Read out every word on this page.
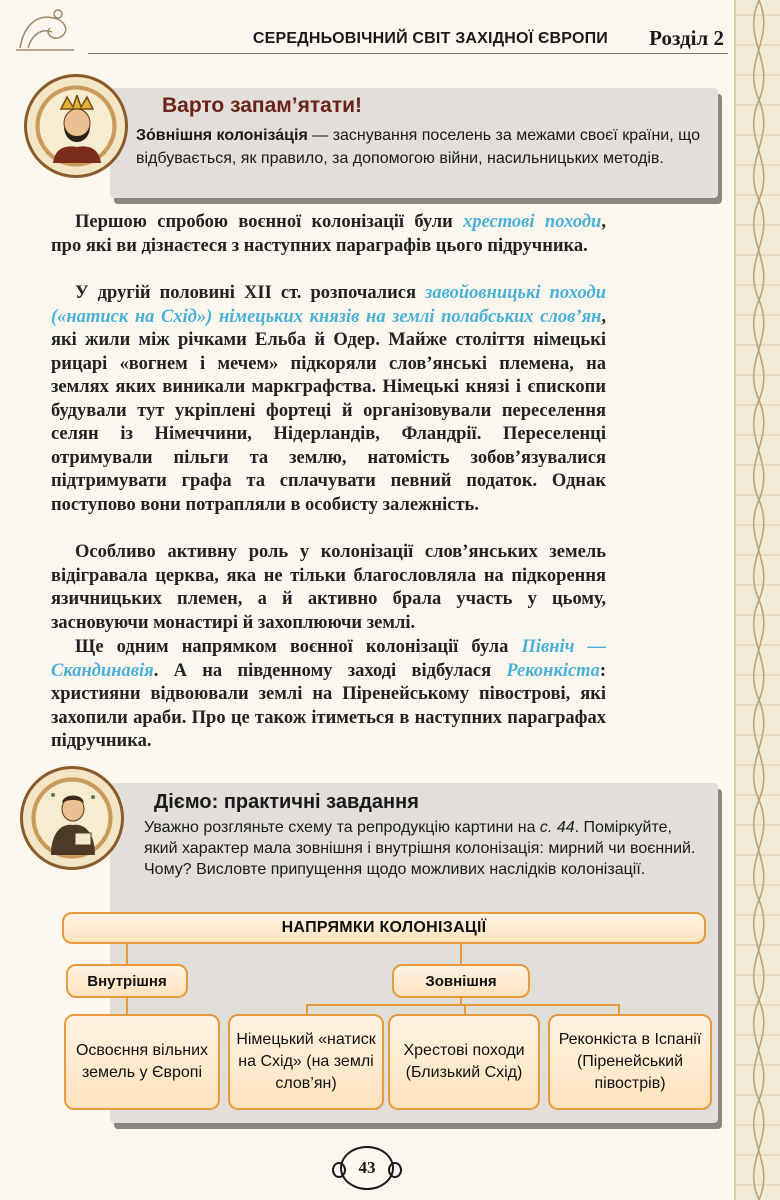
СЕРЕДНЬОВІЧНИЙ СВІТ ЗАХІДНОЇ ЄВРОПИ Розділ 2
Варто запам’ятати!
Зо́внішня колоніза́ція — заснування поселень за межами своєї країни, що відбувається, як правило, за допомогою війни, насильницьких методів.
Першою спробою воєнної колонізації були хрестові походи, про які ви дізнаєтеся з наступних параграфів цього підручника.
У другій половині XII ст. розпочалися завойовницькі походи («натиск на Схід») німецьких князів на землі полабських слов’ян, які жили між річками Ельба й Одер. Майже століття німецькі рицарі «вогнем і мечем» підкоряли слов’янські племена, на землях яких виникали маркграфства. Німецькі князі і єпископи будували тут укріплені фортеці й організовували переселення селян із Німеччини, Нідерландів, Фландрії. Переселенці отримували пільги та землю, натомість зобов’язувалися підтримувати графа та сплачувати певний податок. Однак поступово вони потрапляли в особисту залежність.
Особливо активну роль у колонізації слов’янських земель відігравала церква, яка не тільки благословляла на підкорення язичницьких племен, а й активно брала участь у цьому, засновуючи монастирі й захоплюючи землі.
Ще одним напрямком воєнної колонізації була Північ — Скандинавія. А на південному заході відбулася Реконкіста: християни відвоювали землі на Піренейському півострові, які захопили араби. Про це також ітиметься в наступних параграфах підручника.
Діємо: практичні завдання
Уважно розгляньте схему та репродукцію картини на с. 44. Поміркуйте, який характер мала зовнішня і внутрішня колонізація: мирний чи воєнний. Чому? Висловте припущення щодо можливих наслідків колонізації.
НАПРЯМКИ КОЛОНІЗАЦІЇ
Внутрішня	Зовнішня
Освоєння вільних земель у Європі
Німецький «натиск на Схід» (на землі слов’ян)
Хрестові походи (Близький Схід)
Реконкіста в Іспанії (Піренейський півострів)
43
